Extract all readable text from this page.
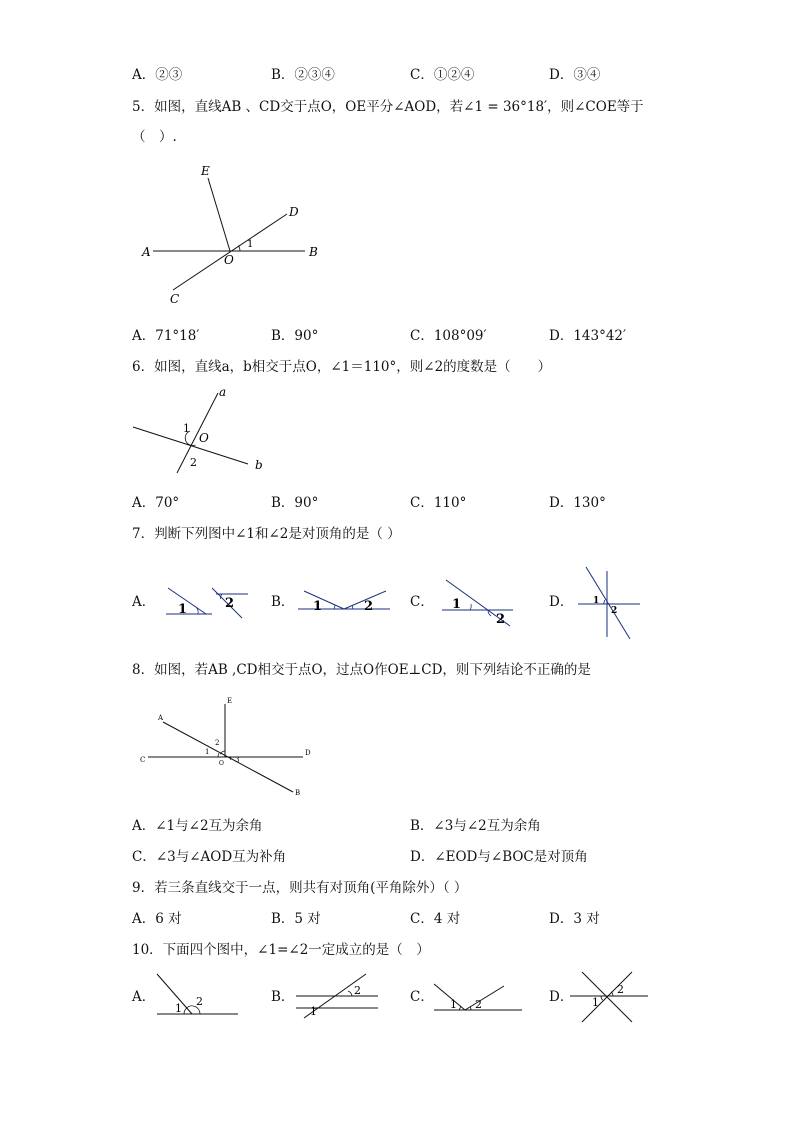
A．②③	B．②③④	C．①②④	D．③④
5．如图，直线AB 、CD交于点O，OE平分∠AOD，若∠1 = 36°18′，则∠COE等于
（　）.
E
D
A	B
O
C
1
A．71°18′	B．90°	C．108°09′	D．143°42′
6．如图，直线a，b相交于点O，∠1＝110°，则∠2的度数是（　　）
a
b
O
1
2
A．70°	B．90°	C．110°	D．130°
7．判断下列图中∠1和∠2是对顶角的是（ ）
A． 1	2	B． 1	2	C． 1
2
D． 1
2
8．如图，若AB ,CD相交于点O，过点O作OE⊥CD，则下列结论不正确的是
A
B
C
D
E
O
1
2
3
A．∠1与∠2互为余角	B．∠3与∠2互为余角
C．∠3与∠AOD互为补角	D．∠EOD与∠BOC是对顶角
9．若三条直线交于一点，则共有对顶角(平角除外）（ ）
A．6 对	B．5 对	C．4 对	D．3 对
10．下面四个图中，∠1=∠2一定成立的是（　）
A．
1
2	B．
1
2	C． 1 2	D． 1
2
